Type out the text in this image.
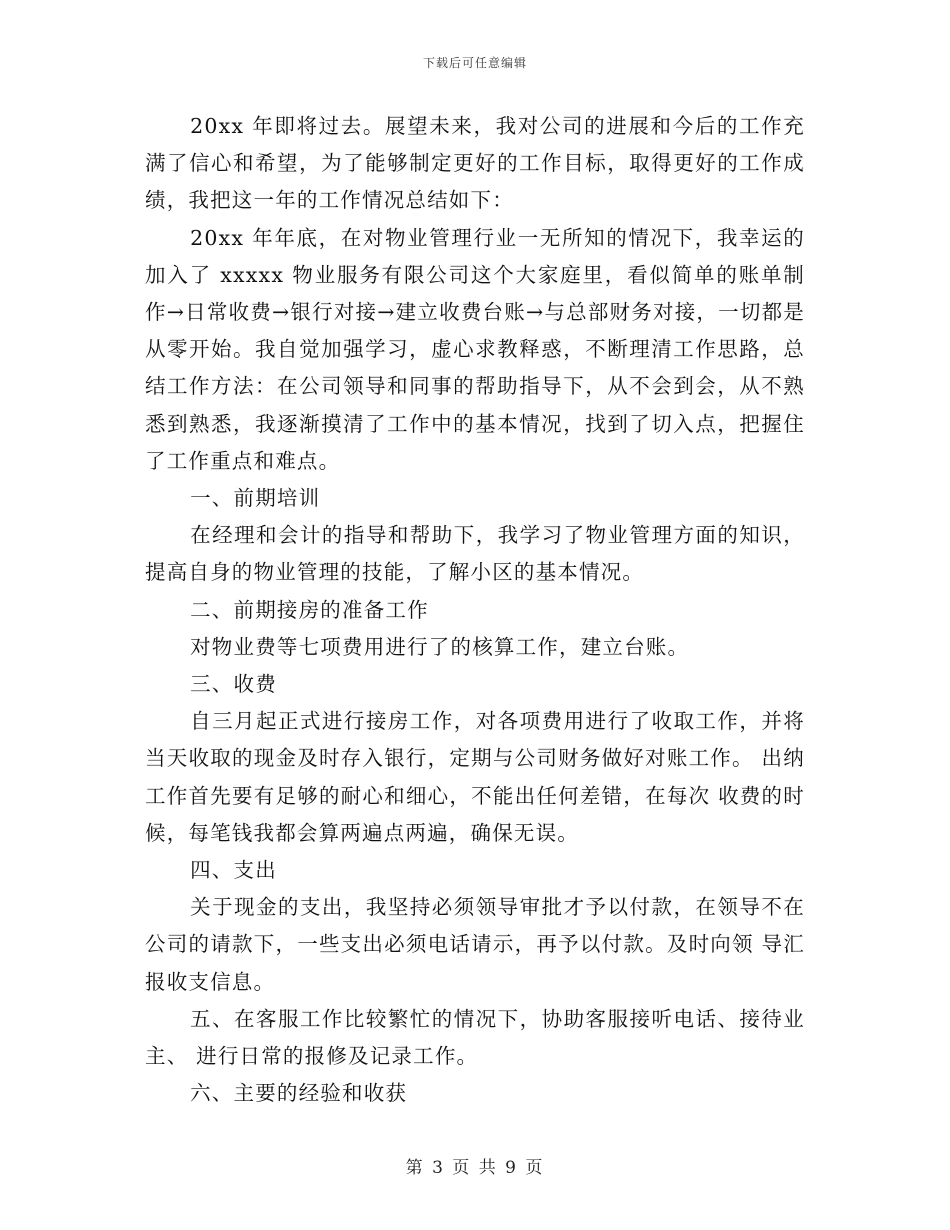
下载后可任意编辑

20xx 年即将过去。展望未来，我对公司的进展和今后的工作充满了信心和希望，为了能够制定更好的工作目标，取得更好的工作成绩，我把这一年的工作情况总结如下：

20xx 年年底，在对物业管理行业一无所知的情况下，我幸运的加入了 xxxxx 物业服务有限公司这个大家庭里，看似简单的账单制作→日常收费→银行对接→建立收费台账→与总部财务对接，一切都是从零开始。我自觉加强学习，虚心求教释惑，不断理清工作思路，总结工作方法：在公司领导和同事的帮助指导下，从不会到会，从不熟悉到熟悉，我逐渐摸清了工作中的基本情况，找到了切入点，把握住了工作重点和难点。

一、前期培训

在经理和会计的指导和帮助下，我学习了物业管理方面的知识，提高自身的物业管理的技能，了解小区的基本情况。

二、前期接房的准备工作

对物业费等七项费用进行了的核算工作，建立台账。

三、收费

自三月起正式进行接房工作，对各项费用进行了收取工作，并将当天收取的现金及时存入银行，定期与公司财务做好对账工作。 出纳工作首先要有足够的耐心和细心，不能出任何差错，在每次 收费的时候，每笔钱我都会算两遍点两遍，确保无误。

四、支出

关于现金的支出，我坚持必须领导审批才予以付款，在领导不在公司的请款下，一些支出必须电话请示，再予以付款。及时向领 导汇报收支信息。

五、在客服工作比较繁忙的情况下，协助客服接听电话、接待业主、 进行日常的报修及记录工作。

六、主要的经验和收获

第 3 页 共 9 页
